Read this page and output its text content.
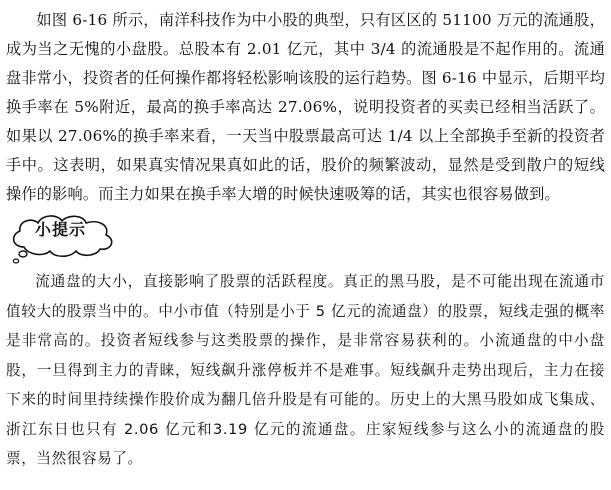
如图 6-16 所示，南洋科技作为中小股的典型，只有区区的 51100 万元的流通股，成为当之无愧的小盘股。总股本有 2.01 亿元，其中 3/4 的流通股是不起作用的。流通盘非常小，投资者的任何操作都将轻松影响该股的运行趋势。图 6-16 中显示，后期平均换手率在 5%附近，最高的换手率高达 27.06%，说明投资者的买卖已经相当活跃了。如果以 27.06%的换手率来看，一天当中股票最高可达 1/4 以上全部换手至新的投资者手中。这表明，如果真实情况果真如此的话，股价的频繁波动，显然是受到散户的短线操作的影响。而主力如果在换手率大增的时候快速吸筹的话，其实也很容易做到。

小提示

流通盘的大小，直接影响了股票的活跃程度。真正的黑马股，是不可能出现在流通市值较大的股票当中的。中小市值（特别是小于 5 亿元的流通盘）的股票，短线走强的概率是非常高的。投资者短线参与这类股票的操作，是非常容易获利的。小流通盘的中小盘股，一旦得到主力的青睐，短线飙升涨停板并不是难事。短线飙升走势出现后，主力在接下来的时间里持续操作股价成为翻几倍升股是有可能的。历史上的大黑马股如成飞集成、浙江东日也只有 2.06 亿元和3.19 亿元的流通盘。庄家短线参与这么小的流通盘的股票，当然很容易了。
